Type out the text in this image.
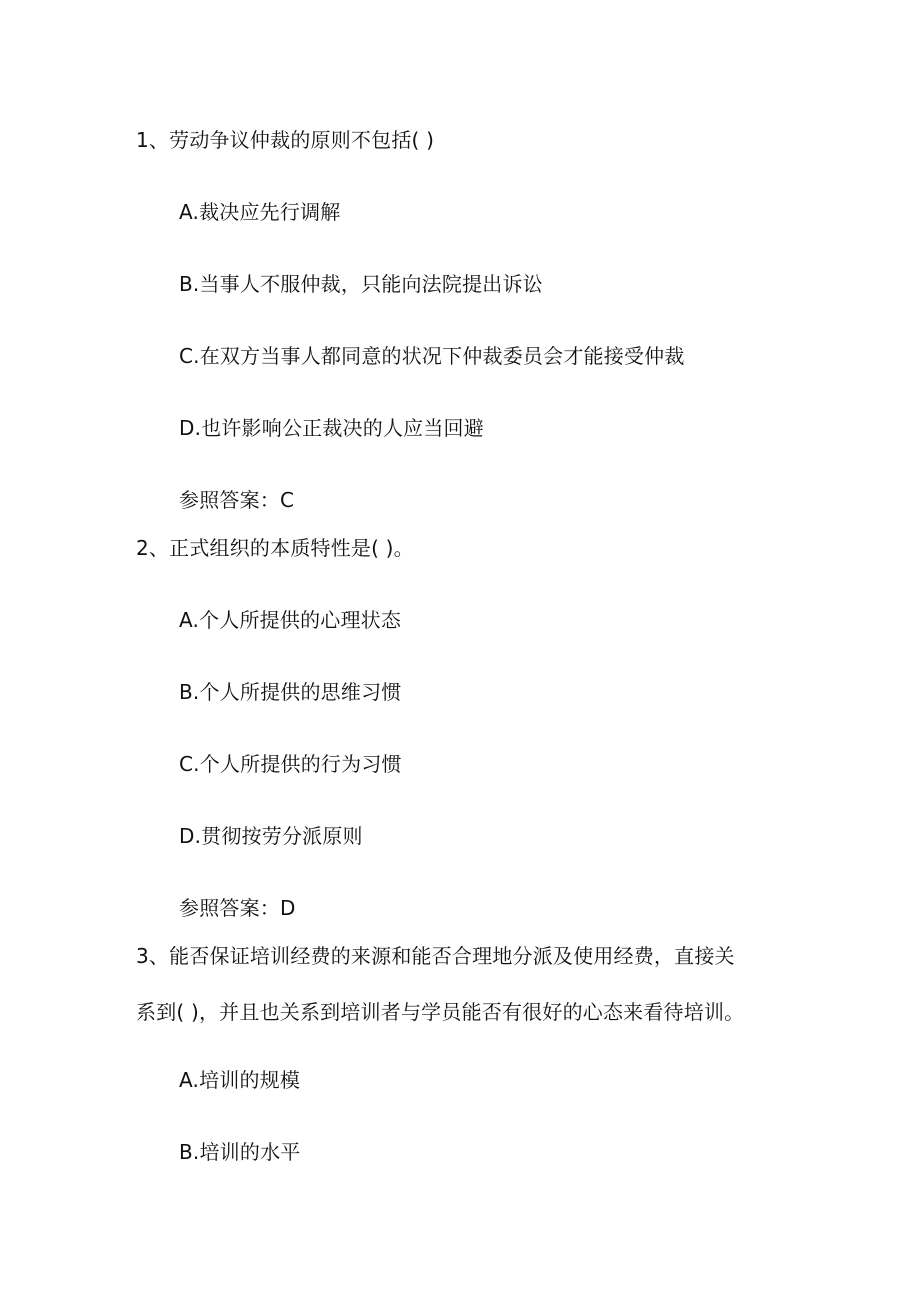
1、劳动争议仲裁的原则不包括( )
A.裁决应先行调解
B.当事人不服仲裁，只能向法院提出诉讼
C.在双方当事人都同意的状况下仲裁委员会才能接受仲裁
D.也许影响公正裁决的人应当回避
参照答案：C
2、正式组织的本质特性是( )。
A.个人所提供的心理状态
B.个人所提供的思维习惯
C.个人所提供的行为习惯
D.贯彻按劳分派原则
参照答案：D
3、能否保证培训经费的来源和能否合理地分派及使用经费，直接关
系到( )，并且也关系到培训者与学员能否有很好的心态来看待培训。
A.培训的规模
B.培训的水平
